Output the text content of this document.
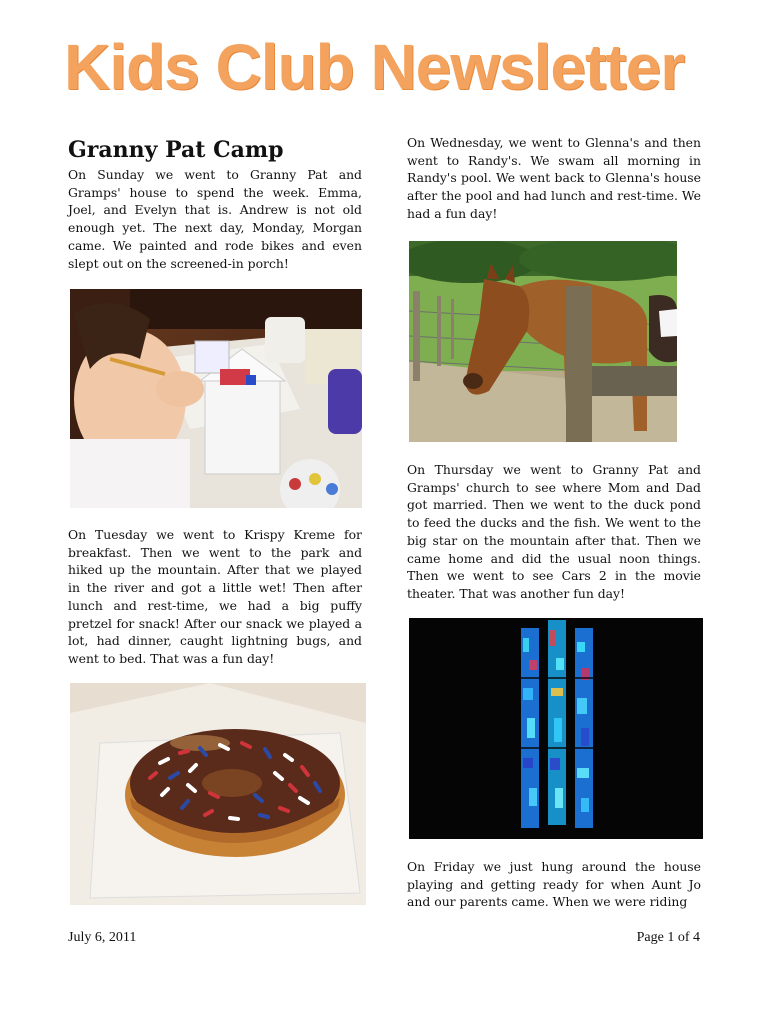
Kids Club Newsletter
Granny Pat Camp

On Sunday we went to Granny Pat and Gramps' house to spend the week. Emma, Joel, and Evelyn that is. Andrew is not old enough yet. The next day, Monday, Morgan came. We painted and rode bikes and even slept out on the screened-in porch!

On Tuesday we went to Krispy Kreme for breakfast. Then we went to the park and hiked up the mountain. After that we played in the river and got a little wet! Then after lunch and rest-time, we had a big puffy pretzel for snack! After our snack we played a lot, had dinner, caught lightning bugs, and went to bed. That was a fun day!

On Wednesday, we went to Glenna's and then went to Randy's. We swam all morning in Randy's pool. We went back to Glenna's house after the pool and had lunch and rest-time. We had a fun day!

On Thursday we went to Granny Pat and Gramps' church to see where Mom and Dad got married. Then we went to the duck pond to feed the ducks and the fish. We went to the big star on the mountain after that. Then we came home and did the usual noon things. Then we went to see Cars 2 in the movie theater. That was another fun day!

On Friday we just hung around the house playing and getting ready for when Aunt Jo and our parents came. When we were riding

July 6, 2011	Page 1 of 4
